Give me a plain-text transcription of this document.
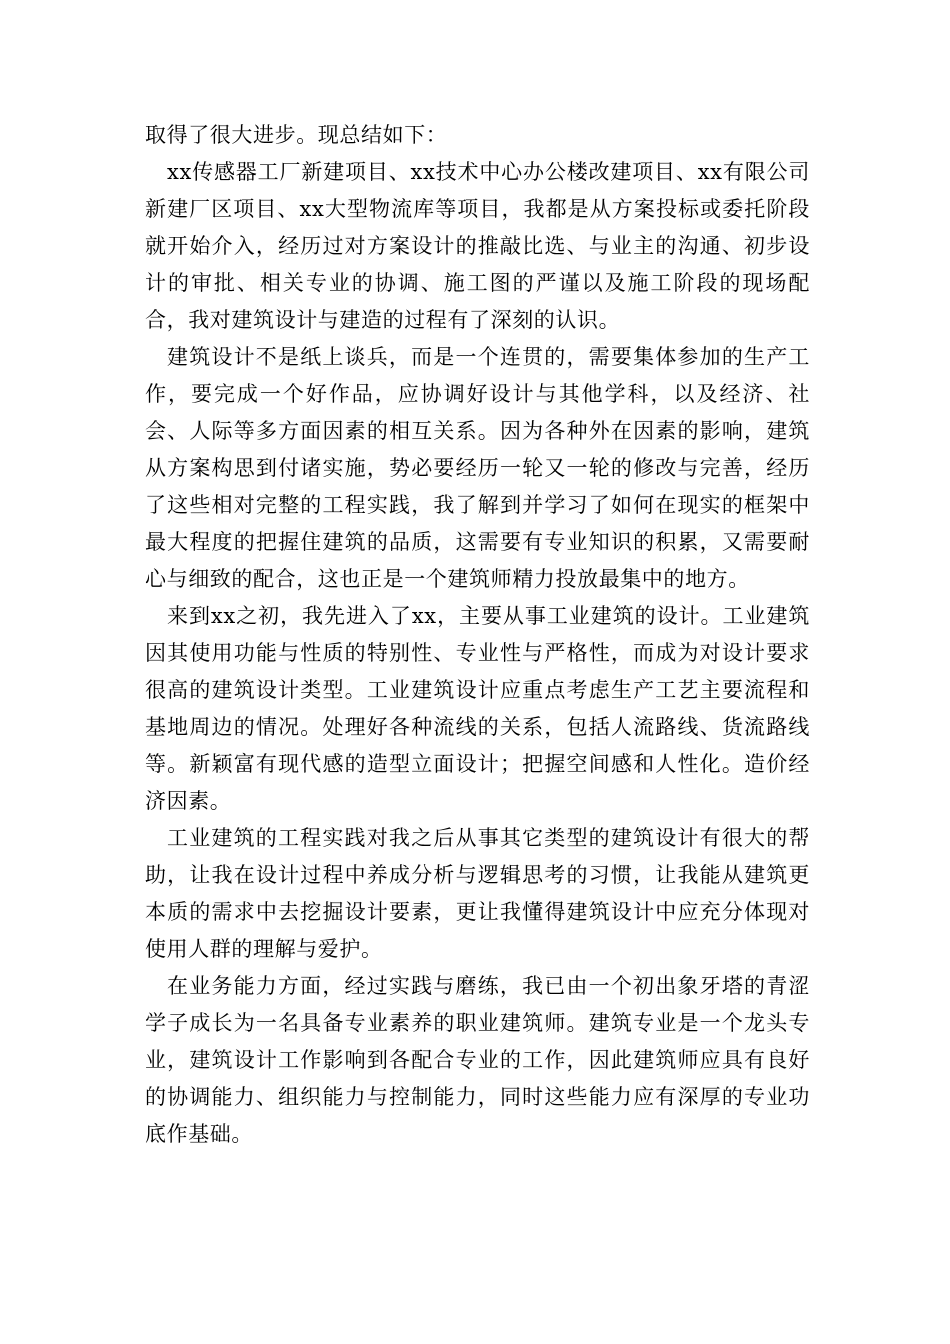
取得了很大进步。现总结如下：

xx传感器工厂新建项目、xx技术中心办公楼改建项目、xx有限公司新建厂区项目、xx大型物流库等项目，我都是从方案投标或委托阶段就开始介入，经历过对方案设计的推敲比选、与业主的沟通、初步设计的审批、相关专业的协调、施工图的严谨以及施工阶段的现场配合，我对建筑设计与建造的过程有了深刻的认识。

建筑设计不是纸上谈兵，而是一个连贯的，需要集体参加的生产工作，要完成一个好作品，应协调好设计与其他学科，以及经济、社会、人际等多方面因素的相互关系。因为各种外在因素的影响，建筑从方案构思到付诸实施，势必要经历一轮又一轮的修改与完善，经历了这些相对完整的工程实践，我了解到并学习了如何在现实的框架中最大程度的把握住建筑的品质，这需要有专业知识的积累，又需要耐心与细致的配合，这也正是一个建筑师精力投放最集中的地方。

来到xx之初，我先进入了xx，主要从事工业建筑的设计。工业建筑因其使用功能与性质的特别性、专业性与严格性，而成为对设计要求很高的建筑设计类型。工业建筑设计应重点考虑生产工艺主要流程和基地周边的情况。处理好各种流线的关系，包括人流路线、货流路线等。新颖富有现代感的造型立面设计；把握空间感和人性化。造价经济因素。

工业建筑的工程实践对我之后从事其它类型的建筑设计有很大的帮助，让我在设计过程中养成分析与逻辑思考的习惯，让我能从建筑更本质的需求中去挖掘设计要素，更让我懂得建筑设计中应充分体现对使用人群的理解与爱护。

在业务能力方面，经过实践与磨练，我已由一个初出象牙塔的青涩学子成长为一名具备专业素养的职业建筑师。建筑专业是一个龙头专业，建筑设计工作影响到各配合专业的工作，因此建筑师应具有良好的协调能力、组织能力与控制能力，同时这些能力应有深厚的专业功底作基础。
